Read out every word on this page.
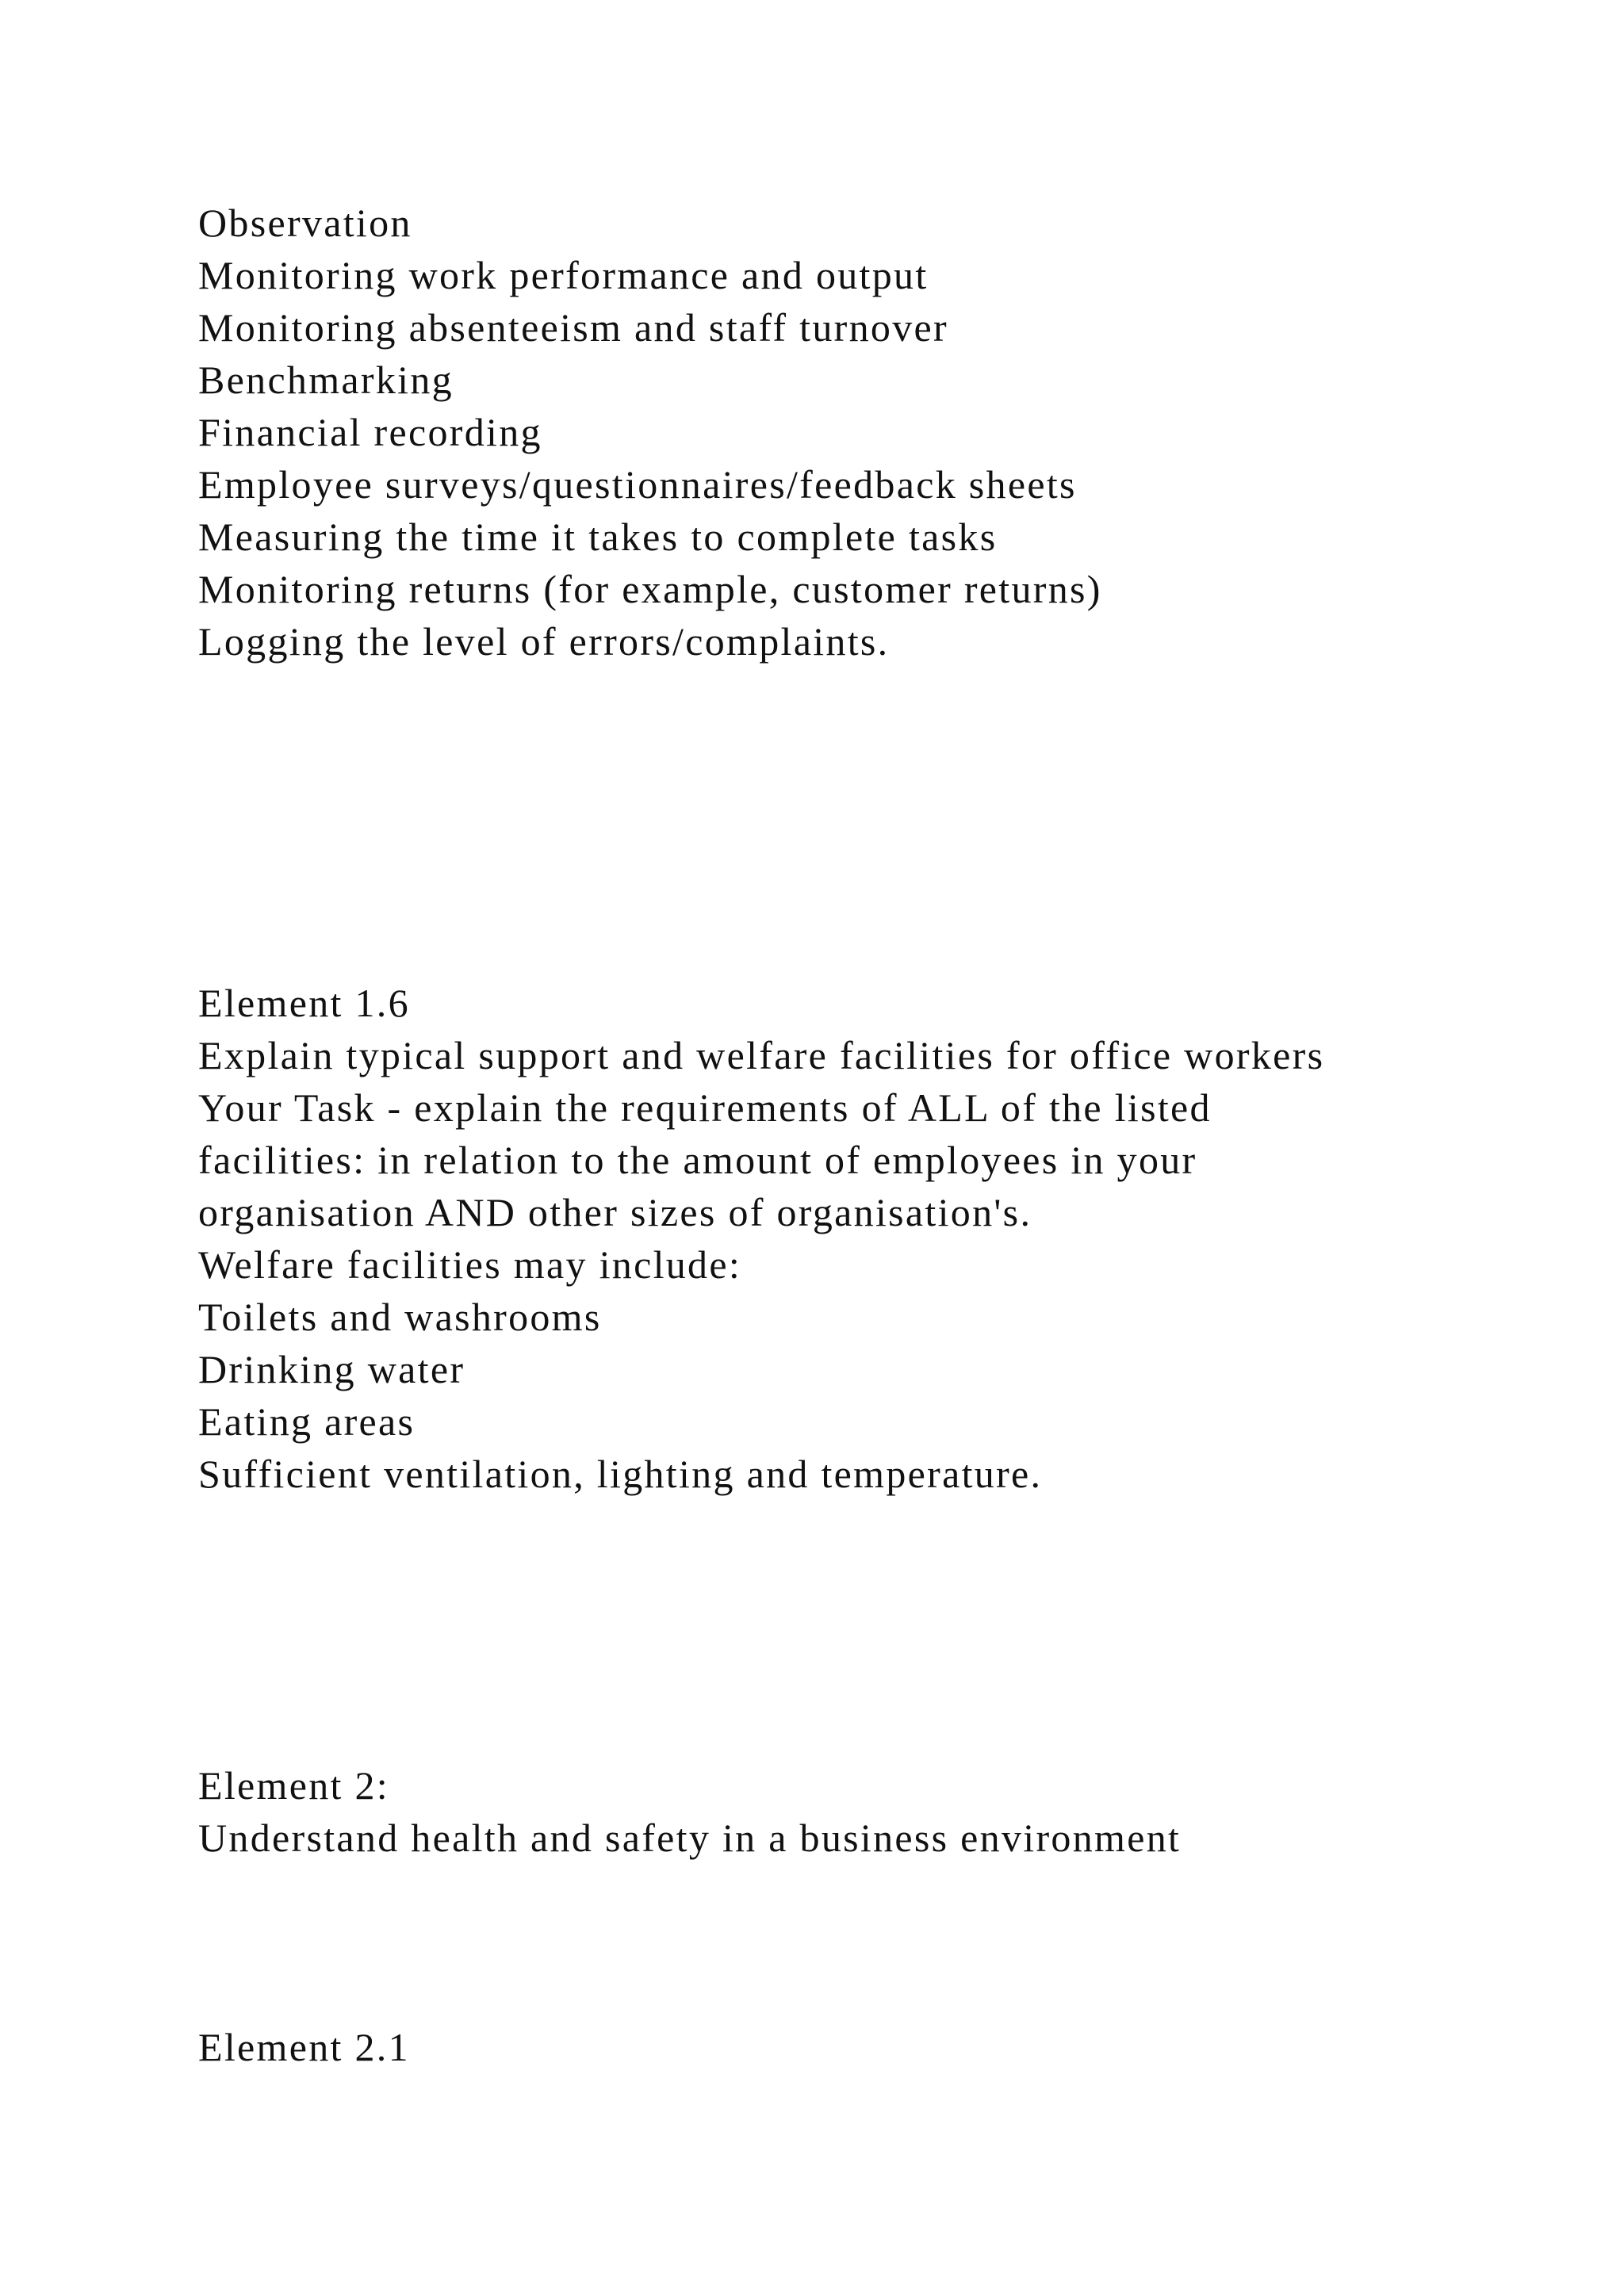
Observation
Monitoring work performance and output
Monitoring absenteeism and staff turnover
Benchmarking
Financial recording
Employee surveys/questionnaires/feedback sheets
Measuring the time it takes to complete tasks
Monitoring returns (for example, customer returns)
Logging the level of errors/complaints.
Element 1.6
Explain typical support and welfare facilities for office workers
Your Task - explain the requirements of ALL of the listed
facilities: in relation to the amount of employees in your
organisation AND other sizes of organisation's.
Welfare facilities may include:
Toilets and washrooms
Drinking water
Eating areas
Sufficient ventilation, lighting and temperature.
Element 2:
Understand health and safety in a business environment
Element 2.1
